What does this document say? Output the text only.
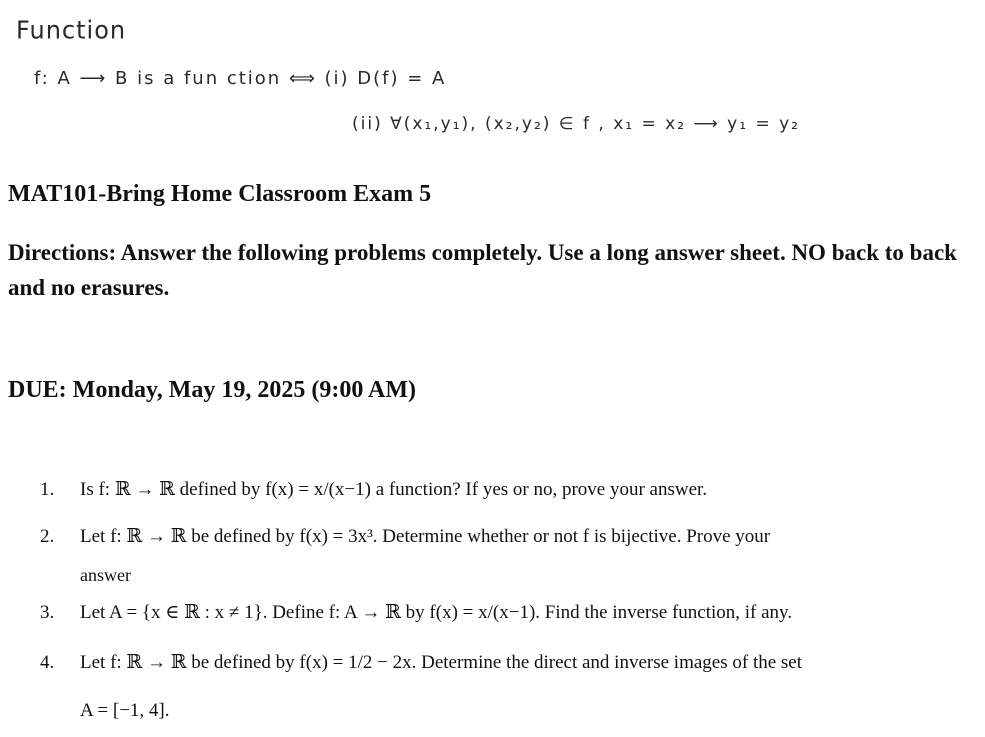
Function
f: A ⟶ B is a fun ction ⟺ (i) D(f) = A
(ii) ∀(x₁,y₁), (x₂,y₂) ∈ f , x₁ = x₂ ⟶ y₁ = y₂
MAT101-Bring Home Classroom Exam 5
Directions: Answer the following problems completely. Use a long answer sheet. NO back to back and no erasures.
DUE: Monday, May 19, 2025 (9:00 AM)
1. Is f: ℝ → ℝ defined by f(x) = x/(x−1) a function? If yes or no, prove your answer.
2. Let f: ℝ → ℝ be defined by f(x) = 3x³. Determine whether or not f is bijective. Prove your
answer
3. Let A = {x ∈ ℝ : x ≠ 1}. Define f: A → ℝ by f(x) = x/(x−1). Find the inverse function, if any.
4. Let f: ℝ → ℝ be defined by f(x) = 1/2 − 2x. Determine the direct and inverse images of the set
A = [−1, 4].
